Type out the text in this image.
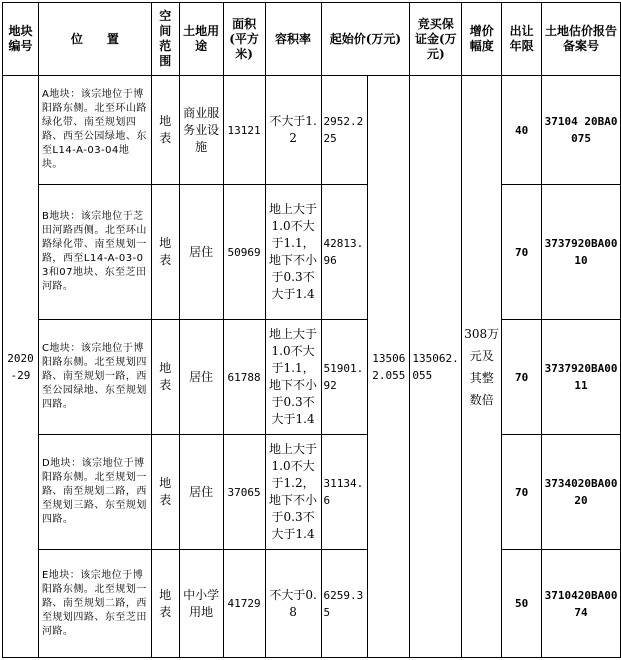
地块编号	位　　置	空间范围	土地用途	面积(平方米)	容积率	起始价(万元)		竞买保证金(万元)	增价幅度	出让年限	土地估价报告备案号
2020-29	A地块：该宗地位于博阳路东侧。北至环山路绿化带、南至规划四路、西至公园绿地、东至L14-A-03-04地块。	地表	商业服务业设施	13121	不大于1.2	2952.225	135062.055	135062.055	308万元及其整数倍	40	37104 20BA0075
	B地块：该宗地位于芝田河路西侧。北至环山路绿化带、南至规划一路，西至L14-A-03-03和07地块、东至芝田河路。	地表	居住	50969	地上大于1.0不大于1.1，地下不小于0.3不大于1.4	42813.96				70	3737920BA0010
	C地块：该宗地位于博阳路东侧。北至规划四路、南至规划一路，西至公园绿地、东至规划四路。	地表	居住	61788	地上大于1.0不大于1.1，地下不小于0.3不大于1.4	51901.92				70	3737920BA0011
	D地块：该宗地位于博阳路东侧。北至规划一路、南至规划二路，西至规划三路、东至规划四路。	地表	居住	37065	地上大于1.0不大于1.2，地下不小于0.3不大于1.4	31134.6				70	3734020BA0020
	E地块：该宗地位于博阳路东侧。北至规划一路、南至规划二路，西至规划四路、东至芝田河路。	地表	中小学用地	41729	不大于0.8	6259.35				50	3710420BA0074
